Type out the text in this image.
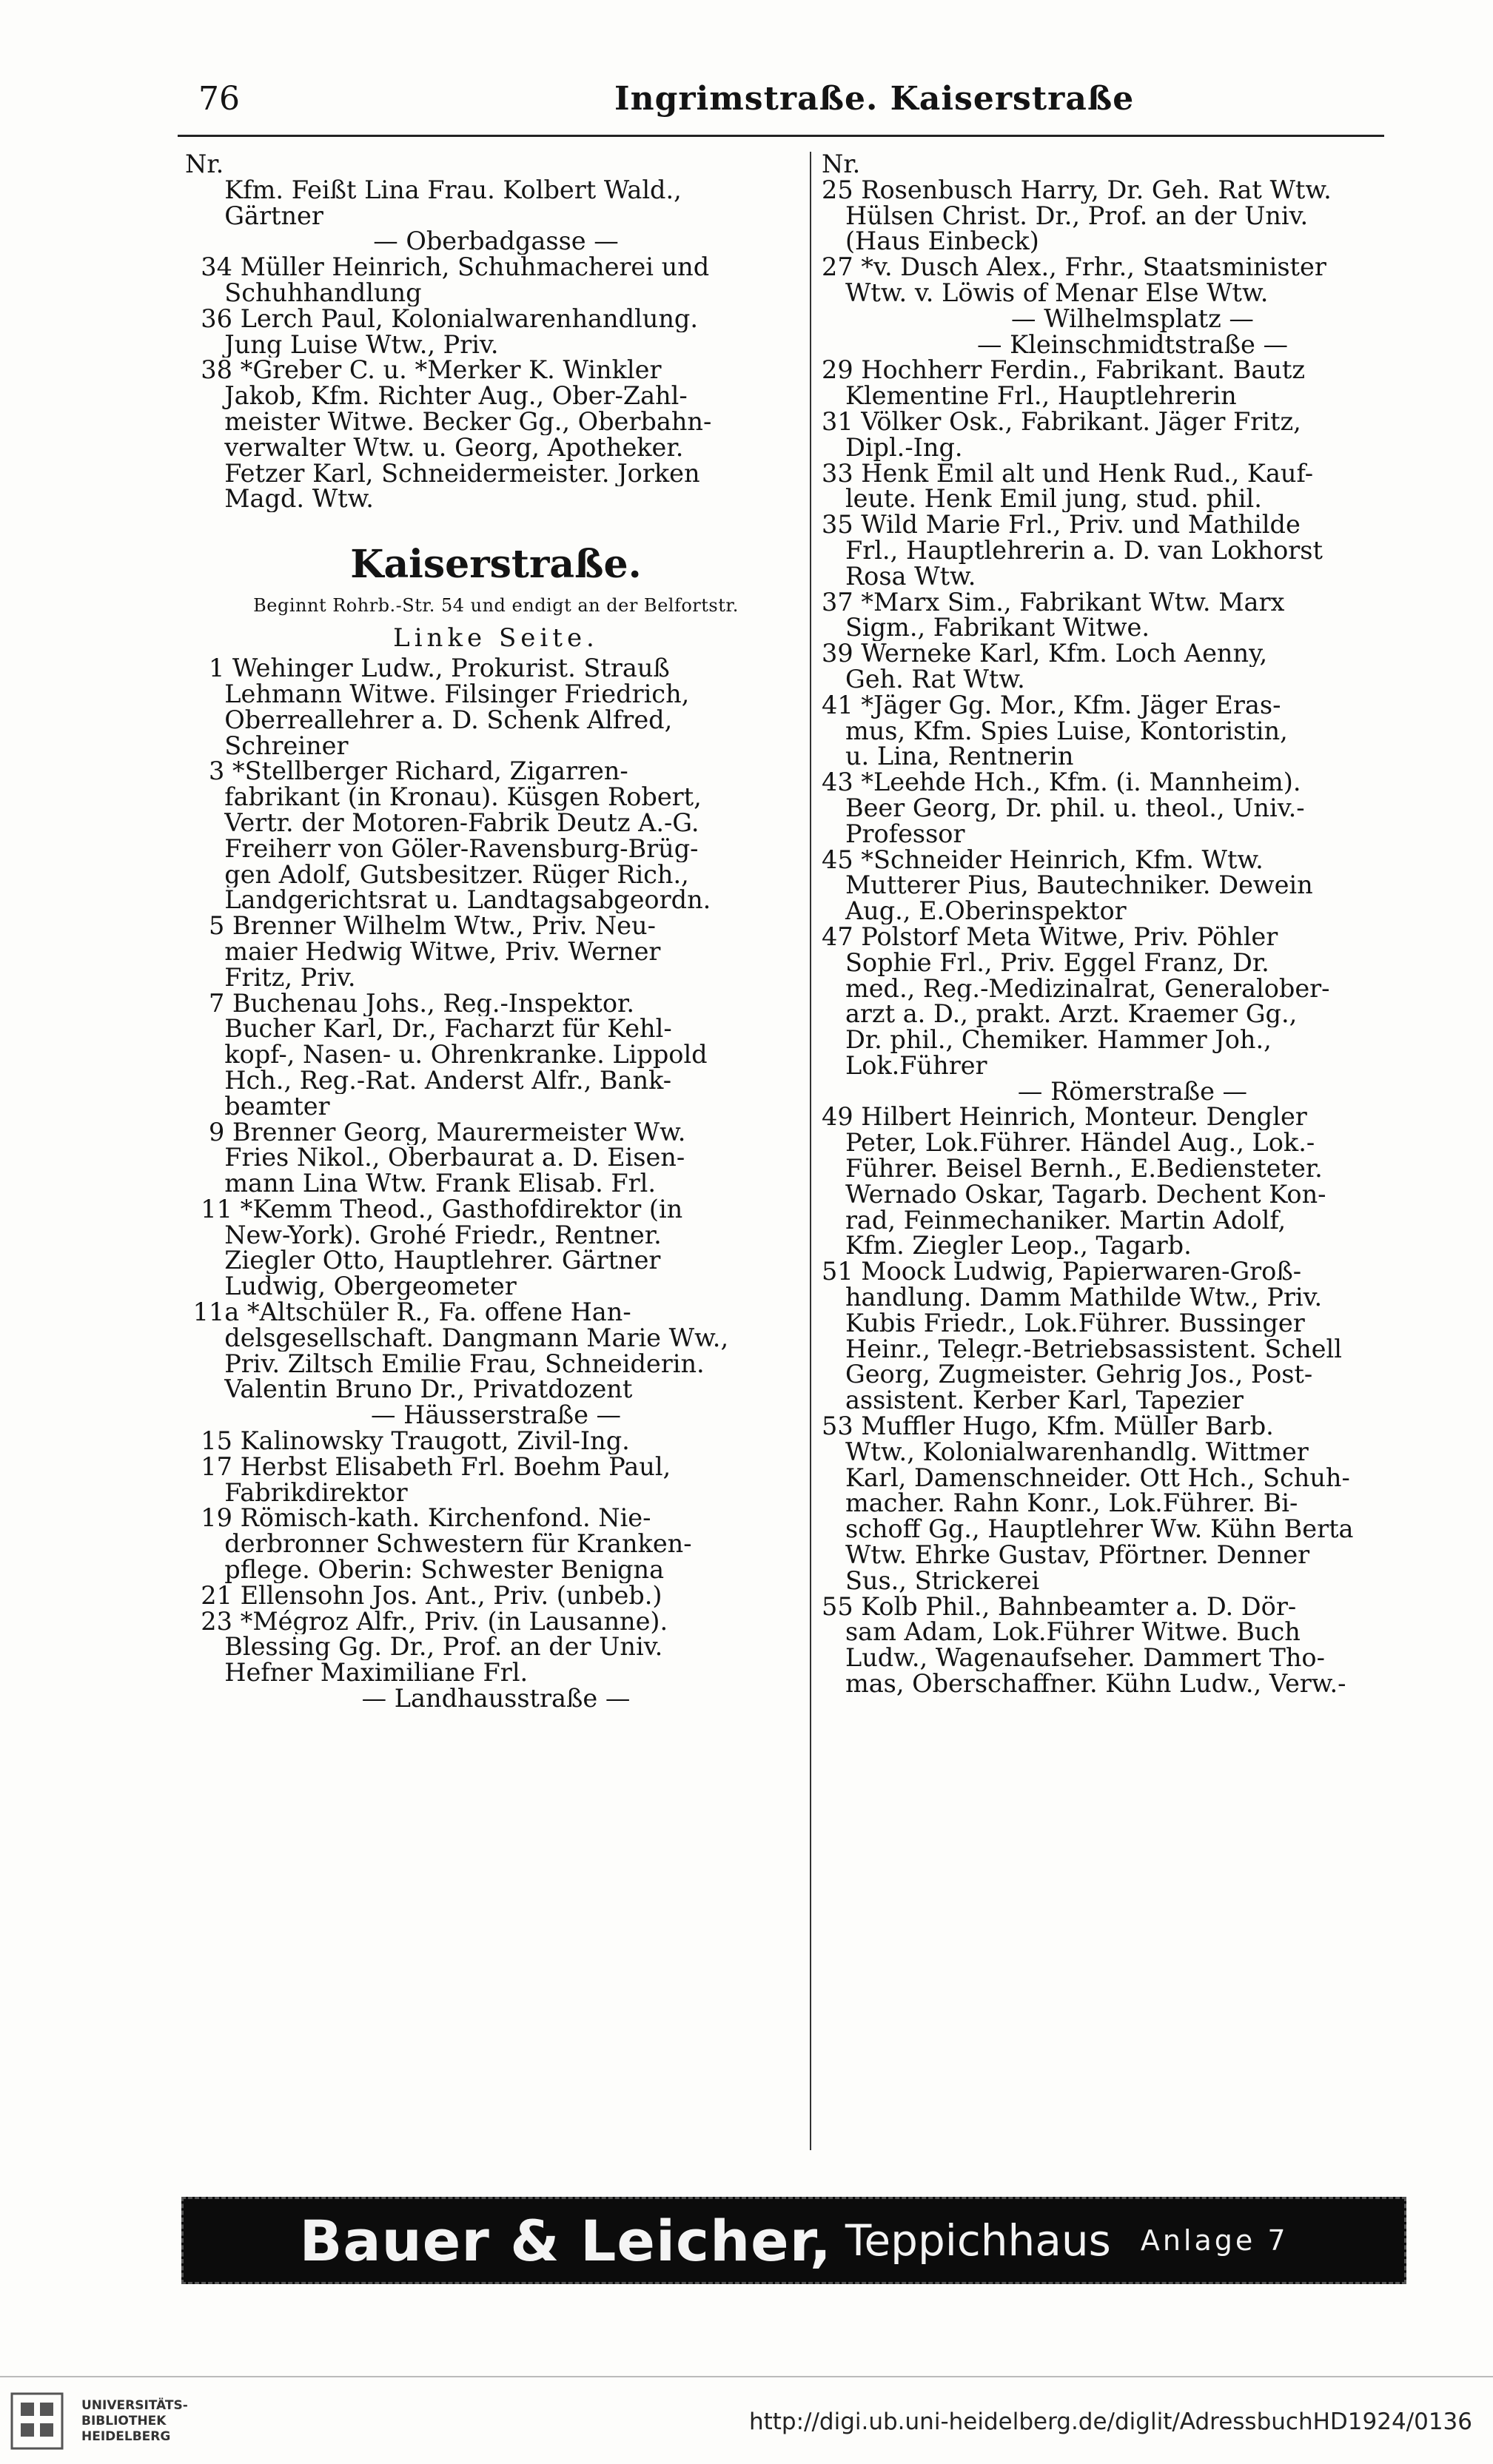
76	Ingrimstraße. Kaiserstraße
Nr.
Kfm. Feißt Lina Frau. Kolbert Wald.,
Gärtner
— Oberbadgasse —
34 Müller Heinrich, Schuhmacherei und
Schuhhandlung
36 Lerch Paul, Kolonialwarenhandlung.
Jung Luise Wtw., Priv.
38 *Greber C. u. *Merker K. Winkler
Jakob, Kfm. Richter Aug., Ober-Zahl-
meister Witwe. Becker Gg., Oberbahn-
verwalter Wtw. u. Georg, Apotheker.
Fetzer Karl, Schneidermeister. Jorken
Magd. Wtw.
Kaiserstraße.
Beginnt Rohrb.-Str. 54 und endigt an der Belfortstr.
Linke Seite.
1 Wehinger Ludw., Prokurist. Strauß
Lehmann Witwe. Filsinger Friedrich,
Oberreallehrer a. D. Schenk Alfred,
Schreiner
3 *Stellberger Richard, Zigarren-
fabrikant (in Kronau). Küsgen Robert,
Vertr. der Motoren-Fabrik Deutz A.-G.
Freiherr von Göler-Ravensburg-Brüg-
gen Adolf, Gutsbesitzer. Rüger Rich.,
Landgerichtsrat u. Landtagsabgeordn.
5 Brenner Wilhelm Wtw., Priv. Neu-
maier Hedwig Witwe, Priv. Werner
Fritz, Priv.
7 Buchenau Johs., Reg.-Inspektor.
Bucher Karl, Dr., Facharzt für Kehl-
kopf-, Nasen- u. Ohrenkranke. Lippold
Hch., Reg.-Rat. Anderst Alfr., Bank-
beamter
9 Brenner Georg, Maurermeister Ww.
Fries Nikol., Oberbaurat a. D. Eisen-
mann Lina Wtw. Frank Elisab. Frl.
11 *Kemm Theod., Gasthofdirektor (in
New-York). Grohé Friedr., Rentner.
Ziegler Otto, Hauptlehrer. Gärtner
Ludwig, Obergeometer
11a *Altschüler R., Fa. offene Han-
delsgesellschaft. Dangmann Marie Ww.,
Priv. Ziltsch Emilie Frau, Schneiderin.
Valentin Bruno Dr., Privatdozent
— Häusserstraße —
15 Kalinowsky Traugott, Zivil-Ing.
17 Herbst Elisabeth Frl. Boehm Paul,
Fabrikdirektor
19 Römisch-kath. Kirchenfond. Nie-
derbronner Schwestern für Kranken-
pflege. Oberin: Schwester Benigna
21 Ellensohn Jos. Ant., Priv. (unbeb.)
23 *Mégroz Alfr., Priv. (in Lausanne).
Blessing Gg. Dr., Prof. an der Univ.
Hefner Maximiliane Frl.
— Landhausstraße —
Nr.
25 Rosenbusch Harry, Dr. Geh. Rat Wtw.
Hülsen Christ. Dr., Prof. an der Univ.
(Haus Einbeck)
27 *v. Dusch Alex., Frhr., Staatsminister
Wtw. v. Löwis of Menar Else Wtw.
— Wilhelmsplatz —
— Kleinschmidtstraße —
29 Hochherr Ferdin., Fabrikant. Bautz
Klementine Frl., Hauptlehrerin
31 Völker Osk., Fabrikant. Jäger Fritz,
Dipl.-Ing.
33 Henk Emil alt und Henk Rud., Kauf-
leute. Henk Emil jung, stud. phil.
35 Wild Marie Frl., Priv. und Mathilde
Frl., Hauptlehrerin a. D. van Lokhorst
Rosa Wtw.
37 *Marx Sim., Fabrikant Wtw. Marx
Sigm., Fabrikant Witwe.
39 Werneke Karl, Kfm. Loch Aenny,
Geh. Rat Wtw.
41 *Jäger Gg. Mor., Kfm. Jäger Eras-
mus, Kfm. Spies Luise, Kontoristin,
u. Lina, Rentnerin
43 *Leehde Hch., Kfm. (i. Mannheim).
Beer Georg, Dr. phil. u. theol., Univ.-
Professor
45 *Schneider Heinrich, Kfm. Wtw.
Mutterer Pius, Bautechniker. Dewein
Aug., E.Oberinspektor
47 Polstorf Meta Witwe, Priv. Pöhler
Sophie Frl., Priv. Eggel Franz, Dr.
med., Reg.-Medizinalrat, Generalober-
arzt a. D., prakt. Arzt. Kraemer Gg.,
Dr. phil., Chemiker. Hammer Joh.,
Lok.Führer
— Römerstraße —
49 Hilbert Heinrich, Monteur. Dengler
Peter, Lok.Führer. Händel Aug., Lok.-
Führer. Beisel Bernh., E.Bediensteter.
Wernado Oskar, Tagarb. Dechent Kon-
rad, Feinmechaniker. Martin Adolf,
Kfm. Ziegler Leop., Tagarb.
51 Moock Ludwig, Papierwaren-Groß-
handlung. Damm Mathilde Wtw., Priv.
Kubis Friedr., Lok.Führer. Bussinger
Heinr., Telegr.-Betriebsassistent. Schell
Georg, Zugmeister. Gehrig Jos., Post-
assistent. Kerber Karl, Tapezier
53 Muffler Hugo, Kfm. Müller Barb.
Wtw., Kolonialwarenhandlg. Wittmer
Karl, Damenschneider. Ott Hch., Schuh-
macher. Rahn Konr., Lok.Führer. Bi-
schoff Gg., Hauptlehrer Ww. Kühn Berta
Wtw. Ehrke Gustav, Pförtner. Denner
Sus., Strickerei
55 Kolb Phil., Bahnbeamter a. D. Dör-
sam Adam, Lok.Führer Witwe. Buch
Ludw., Wagenaufseher. Dammert Tho-
mas, Oberschaffner. Kühn Ludw., Verw.-
Bauer & Leicher, Teppichhaus Anlage 7
UNIVERSITÄTS-
BIBLIOTHEK
HEIDELBERG
http://digi.ub.uni-heidelberg.de/diglit/AdressbuchHD1924/0136
